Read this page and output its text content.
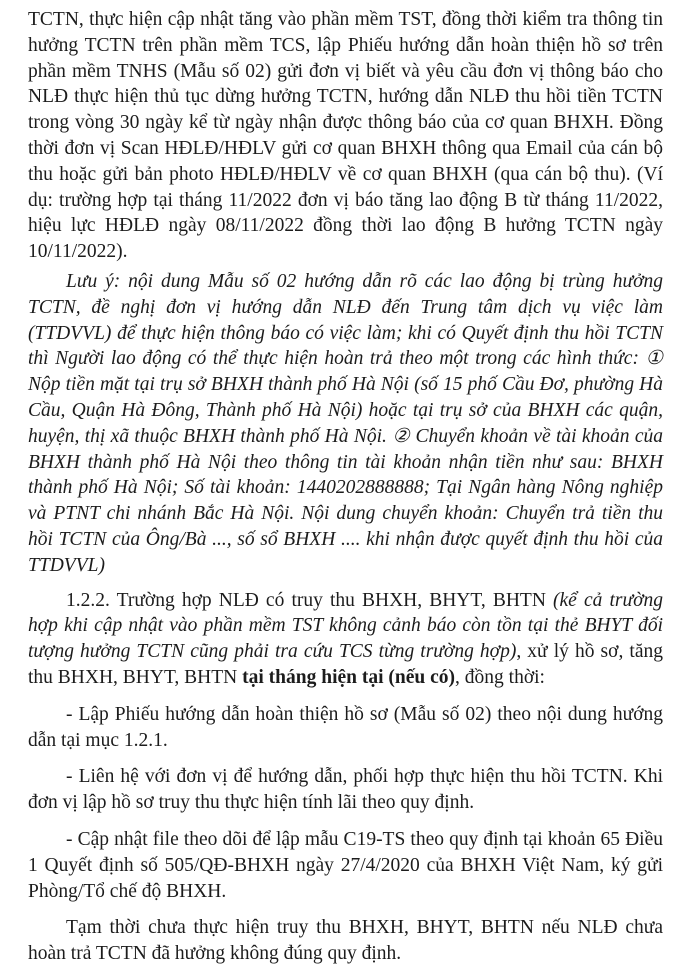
TCTN, thực hiện cập nhật tăng vào phần mềm TST, đồng thời kiểm tra thông tin hưởng TCTN trên phần mềm TCS, lập Phiếu hướng dẫn hoàn thiện hồ sơ trên phần mềm TNHS (Mẫu số 02) gửi đơn vị biết và yêu cầu đơn vị thông báo cho NLĐ thực hiện thủ tục dừng hưởng TCTN, hướng dẫn NLĐ thu hồi tiền TCTN trong vòng 30 ngày kể từ ngày nhận được thông báo của cơ quan BHXH. Đồng thời đơn vị Scan HĐLĐ/HĐLV gửi cơ quan BHXH thông qua Email của cán bộ thu hoặc gửi bản photo HĐLĐ/HĐLV về cơ quan BHXH (qua cán bộ thu). (Ví dụ: trường hợp tại tháng 11/2022 đơn vị báo tăng lao động B từ tháng 11/2022, hiệu lực HĐLĐ ngày 08/11/2022 đồng thời lao động B hưởng TCTN ngày 10/11/2022).

Lưu ý: nội dung Mẫu số 02 hướng dẫn rõ các lao động bị trùng hưởng TCTN, đề nghị đơn vị hướng dẫn NLĐ đến Trung tâm dịch vụ việc làm (TTDVVL) để thực hiện thông báo có việc làm; khi có Quyết định thu hồi TCTN thì Người lao động có thể thực hiện hoàn trả theo một trong các hình thức: ① Nộp tiền mặt tại trụ sở BHXH thành phố Hà Nội (số 15 phố Cầu Đơ, phường Hà Cầu, Quận Hà Đông, Thành phố Hà Nội) hoặc tại trụ sở của BHXH các quận, huyện, thị xã thuộc BHXH thành phố Hà Nội. ② Chuyển khoản về tài khoản của BHXH thành phố Hà Nội theo thông tin tài khoản nhận tiền như sau: BHXH thành phố Hà Nội; Số tài khoản: 1440202888888; Tại Ngân hàng Nông nghiệp và PTNT chi nhánh Bắc Hà Nội. Nội dung chuyển khoản: Chuyển trả tiền thu hồi TCTN của Ông/Bà ..., số sổ BHXH .... khi nhận được quyết định thu hồi của TTDVVL)

1.2.2. Trường hợp NLĐ có truy thu BHXH, BHYT, BHTN (kể cả trường hợp khi cập nhật vào phần mềm TST không cảnh báo còn tồn tại thẻ BHYT đối tượng hưởng TCTN cũng phải tra cứu TCS từng trường hợp), xử lý hồ sơ, tăng thu BHXH, BHYT, BHTN tại tháng hiện tại (nếu có), đồng thời:

- Lập Phiếu hướng dẫn hoàn thiện hồ sơ (Mẫu số 02) theo nội dung hướng dẫn tại mục 1.2.1.

- Liên hệ với đơn vị để hướng dẫn, phối hợp thực hiện thu hồi TCTN. Khi đơn vị lập hồ sơ truy thu thực hiện tính lãi theo quy định.

- Cập nhật file theo dõi để lập mẫu C19-TS theo quy định tại khoản 65 Điều 1 Quyết định số 505/QĐ-BHXH ngày 27/4/2020 của BHXH Việt Nam, ký gửi Phòng/Tổ chế độ BHXH.

Tạm thời chưa thực hiện truy thu BHXH, BHYT, BHTN nếu NLĐ chưa hoàn trả TCTN đã hưởng không đúng quy định.
